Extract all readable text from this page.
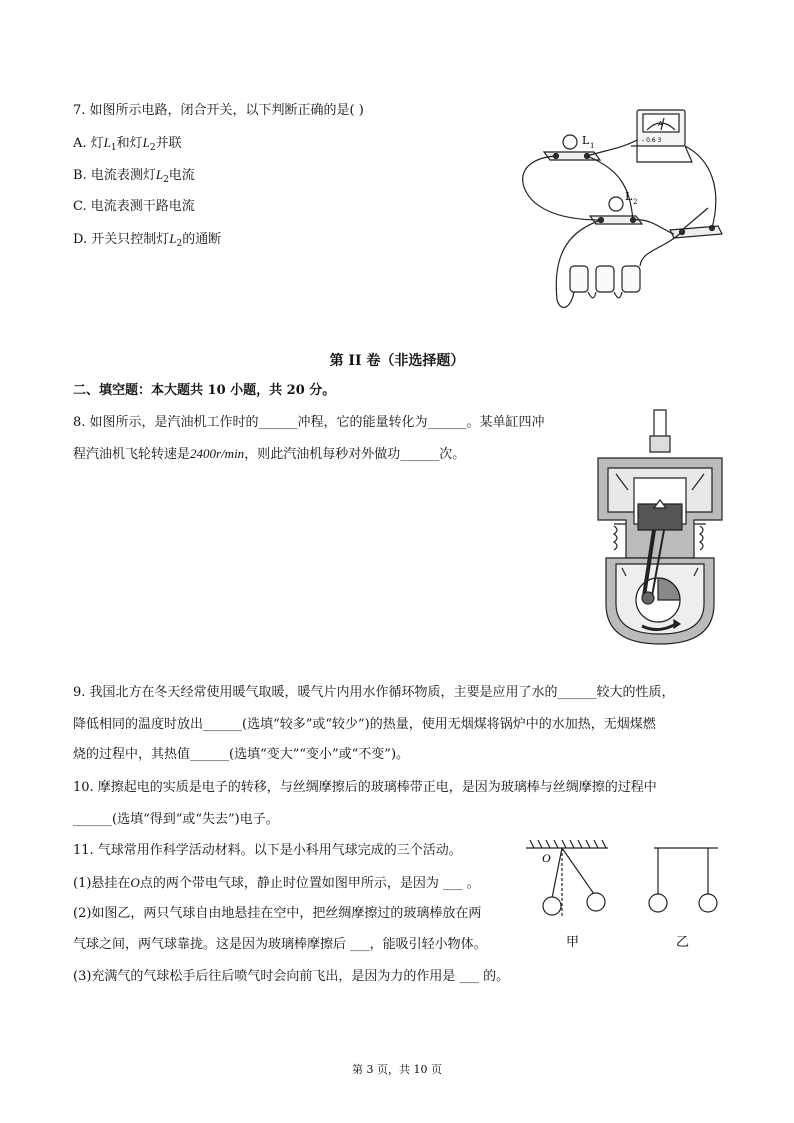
7. 如图所示电路，闭合开关，以下判断正确的是( )
A. 灯$L_1$和灯$L_2$并联
B. 电流表测灯$L_2$电流
C. 电流表测干路电流
D. 开关只控制灯$L_2$的通断
L 1
L 2
A
- 0.6 3
第 II 卷（非选择题）
二、填空题：本大题共 10 小题，共 20 分。
8. 如图所示，是汽油机工作时的______冲程，它的能量转化为______。某单缸四冲
程汽油机飞轮转速是2400r/min，则此汽油机每秒对外做功______次。
9. 我国北方在冬天经常使用暖气取暖，暖气片内用水作循环物质，主要是应用了水的______较大的性质，
降低相同的温度时放出______(选填“较多”或“较少”)的热量，使用无烟煤将锅炉中的水加热，无烟煤燃
烧的过程中，其热值______(选填“变大”“变小”或“不变”)。
10. 摩擦起电的实质是电子的转移，与丝绸摩擦后的玻璃棒带正电，是因为玻璃棒与丝绸摩擦的过程中
______(选填“得到”或“失去”)电子。
11. 气球常用作科学活动材料。以下是小科用气球完成的三个活动。
(1)悬挂在O点的两个带电气球，静止时位置如图甲所示，是因为 ___ 。
(2)如图乙，两只气球自由地悬挂在空中，把丝绸摩擦过的玻璃棒放在两
气球之间，两气球靠拢。这是因为玻璃棒摩擦后 ___，能吸引轻小物体。
(3)充满气的气球松手后往后喷气时会向前飞出，是因为力的作用是 ___ 的。
O
甲	乙
第 3 页，共 10 页
